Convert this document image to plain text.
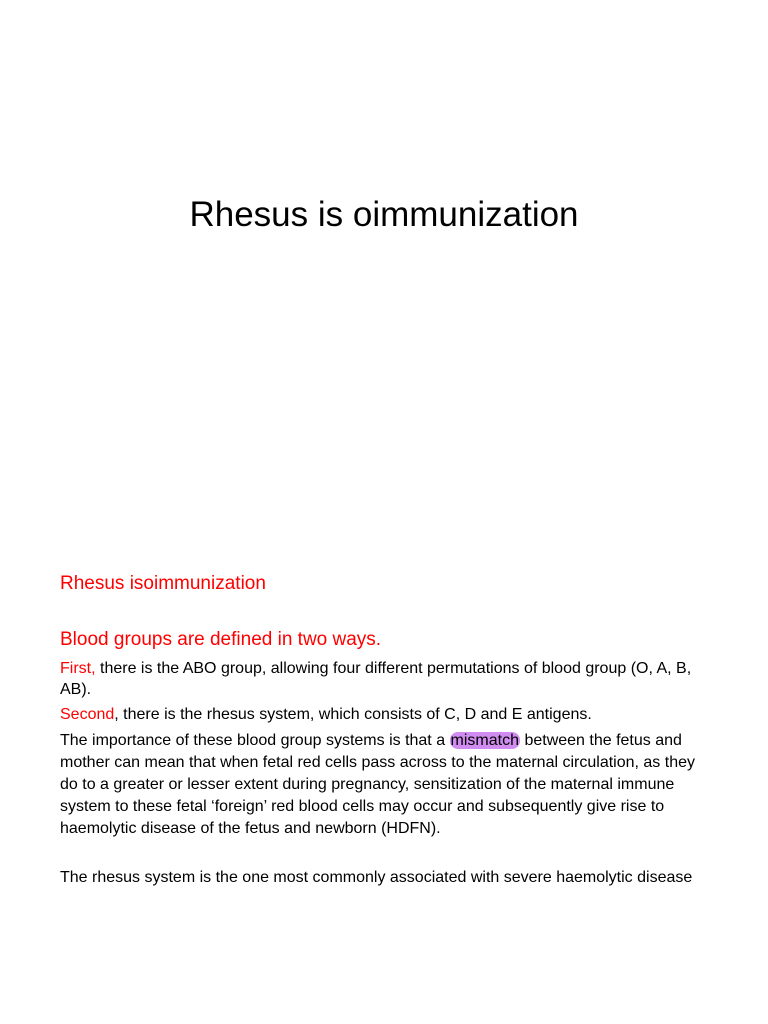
Rhesus is oimmunization

Rhesus isoimmunization

Blood groups are defined in two ways.

First, there is the ABO group, allowing four different permutations of blood group (O, A, B, AB).

Second, there is the rhesus system, which consists of C, D and E antigens.

The importance of these blood group systems is that a mismatch between the fetus and mother can mean that when fetal red cells pass across to the maternal circulation, as they do to a greater or lesser extent during pregnancy, sensitization of the maternal immune system to these fetal ‘foreign’ red blood cells may occur and subsequently give rise to haemolytic disease of the fetus and newborn (HDFN).

The rhesus system is the one most commonly associated with severe haemolytic disease
